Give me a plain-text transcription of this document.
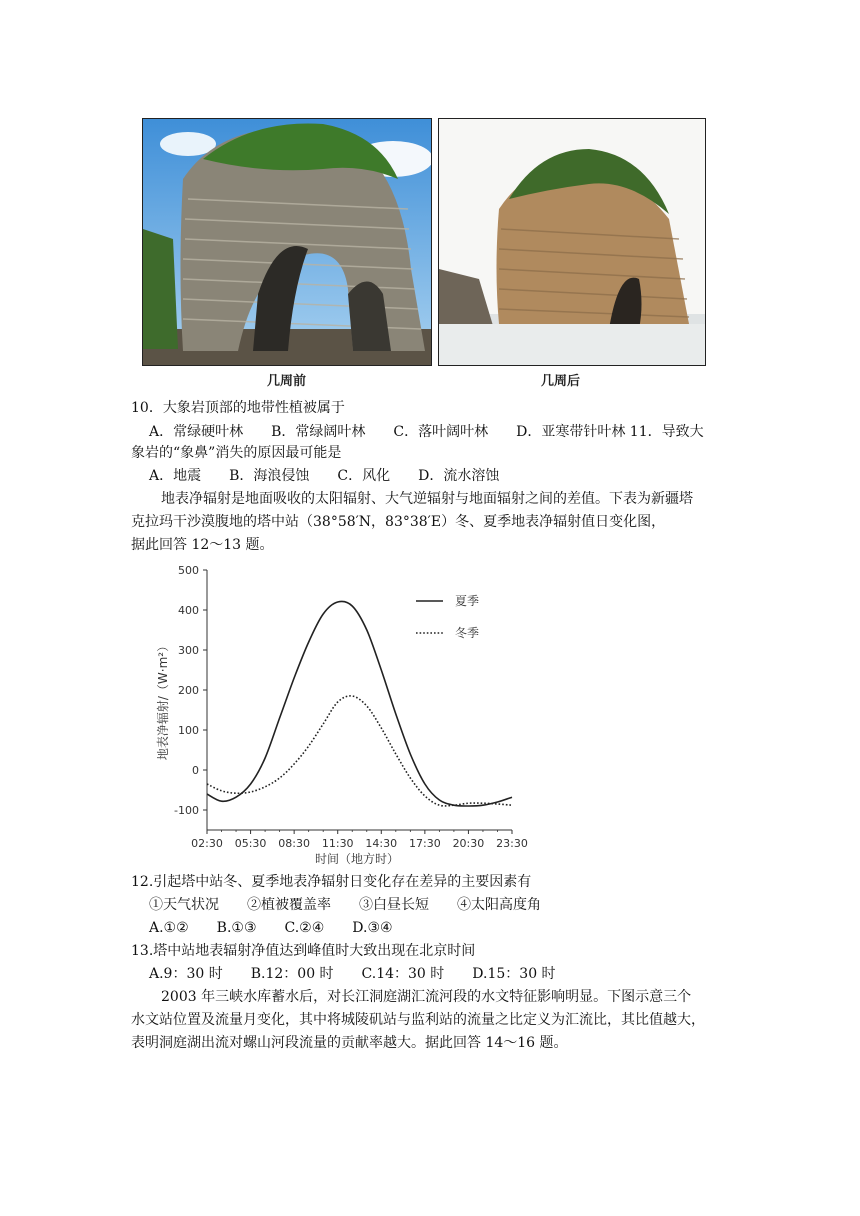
几周前	几周后
10．大象岩顶部的地带性植被属于
A．常绿硬叶林　　B．常绿阔叶林　　C．落叶阔叶林　　D．亚寒带针叶林 11．导致大
象岩的“象鼻”消失的原因最可能是
A．地震　　B．海浪侵蚀　　C．风化　　D．流水溶蚀
地表净辐射是地面吸收的太阳辐射、大气逆辐射与地面辐射之间的差值。下表为新疆塔
克拉玛干沙漠腹地的塔中站（38°58′N，83°38′E）冬、夏季地表净辐射值日变化图，
据此回答 12～13 题。
地表净辐射/（W·m²）
时间（地方时）
500
400
300
200
100
0
-100
02:30 05:30 08:30 11:30 14:30 17:30 20:30 23:30
夏季
冬季
12.引起塔中站冬、夏季地表净辐射日变化存在差异的主要因素有
①天气状况　　②植被覆盖率　　③白昼长短　　④太阳高度角
A.①②　　B.①③　　C.②④　　D.③④
13.塔中站地表辐射净值达到峰值时大致出现在北京时间
A.9：30 时　　B.12：00 时　　C.14：30 时　　D.15：30 时
2003 年三峡水库蓄水后，对长江洞庭湖汇流河段的水文特征影响明显。下图示意三个
水文站位置及流量月变化，其中将城陵矶站与监利站的流量之比定义为汇流比，其比值越大，
表明洞庭湖出流对螺山河段流量的贡献率越大。据此回答 14～16 题。
